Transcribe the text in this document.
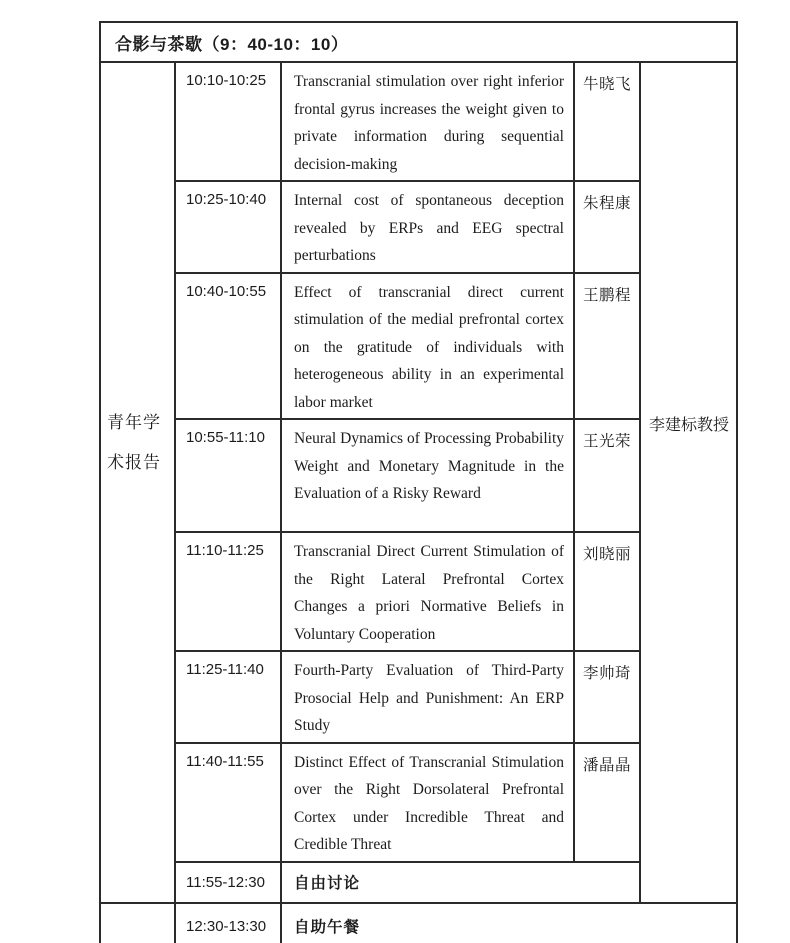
合影与茶歇（9：40-10：10）				
青年学术报告	10:10-10:25	Transcranial stimulation over right inferior frontal gyrus increases the weight given to private information during sequential decision-making	牛晓飞	李建标教授
	10:25-10:40	Internal cost of spontaneous deception revealed by ERPs and EEG spectral perturbations	朱程康	
	10:40-10:55	Effect of transcranial direct current stimulation of the medial prefrontal cortex on the gratitude of individuals with heterogeneous ability in an experimental labor market	王鹏程	
	10:55-11:10	Neural Dynamics of Processing Probability Weight and Monetary Magnitude in the Evaluation of a Risky Reward	王光荣	
	11:10-11:25	Transcranial Direct Current Stimulation of the Right Lateral Prefrontal Cortex Changes a priori Normative Beliefs in Voluntary Cooperation	刘晓丽	
	11:25-11:40	Fourth-Party Evaluation of Third-Party Prosocial Help and Punishment: An ERP Study	李帅琦	
	11:40-11:55	Distinct Effect of Transcranial Stimulation over the Right Dorsolateral Prefrontal Cortex under Incredible Threat and Credible Threat	潘晶晶	
	11:55-12:30	自由讨论		
	12:30-13:30	自助午餐		
